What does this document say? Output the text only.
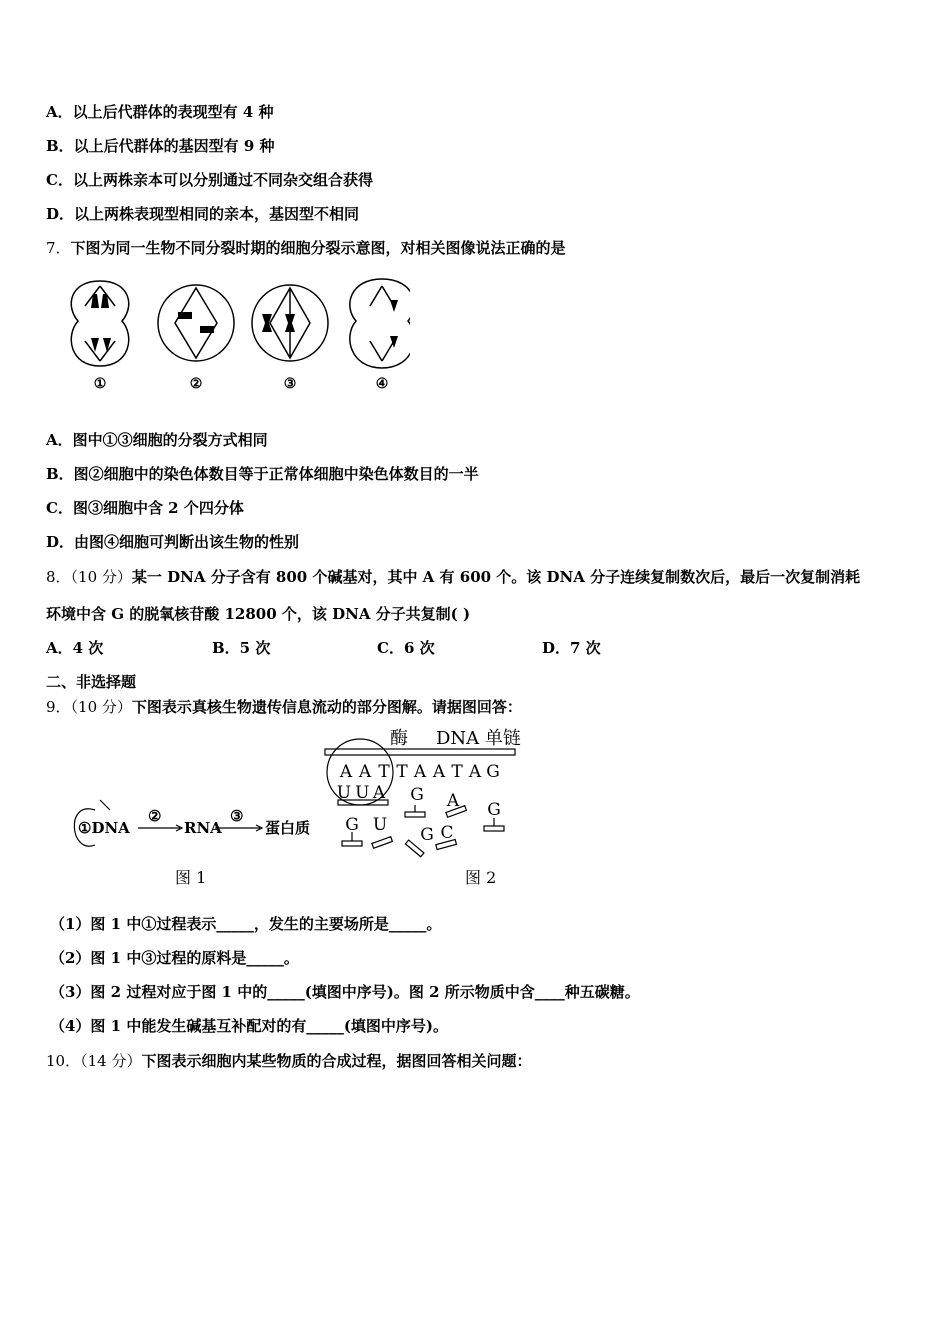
A．以上后代群体的表现型有 4 种
B．以上后代群体的基因型有 9 种
C．以上两株亲本可以分别通过不同杂交组合获得
D．以上两株表现型相同的亲本，基因型不相同
7．下图为同一生物不同分裂时期的细胞分裂示意图，对相关图像说法正确的是
①	②	③	④
A．图中①③细胞的分裂方式相同
B．图②细胞中的染色体数目等于正常体细胞中染色体数目的一半
C．图③细胞中含 2 个四分体
D．由图④细胞可判断出该生物的性别
8．（10 分）某一 DNA 分子含有 800 个碱基对，其中 A 有 600 个。该 DNA 分子连续复制数次后，最后一次复制消耗
环境中含 G 的脱氧核苷酸 12800 个，该 DNA 分子共复制( )
A．4 次	B．5 次	C．6 次	D．7 次
二、非选择题
9．（10 分）下图表示真核生物遗传信息流动的部分图解。请据图回答：
①DNA
②
RNA
③
蛋白质
图 1	图 2
酶 DNA 单链
A A T T A A T A G
UUA G A G
G U G C
（1）图 1 中①过程表示_____，发生的主要场所是_____。
（2）图 1 中③过程的原料是_____。
（3）图 2 过程对应于图 1 中的_____(填图中序号)。图 2 所示物质中含____种五碳糖。
（4）图 1 中能发生碱基互补配对的有_____(填图中序号)。
10．（14 分）下图表示细胞内某些物质的合成过程，据图回答相关问题：
